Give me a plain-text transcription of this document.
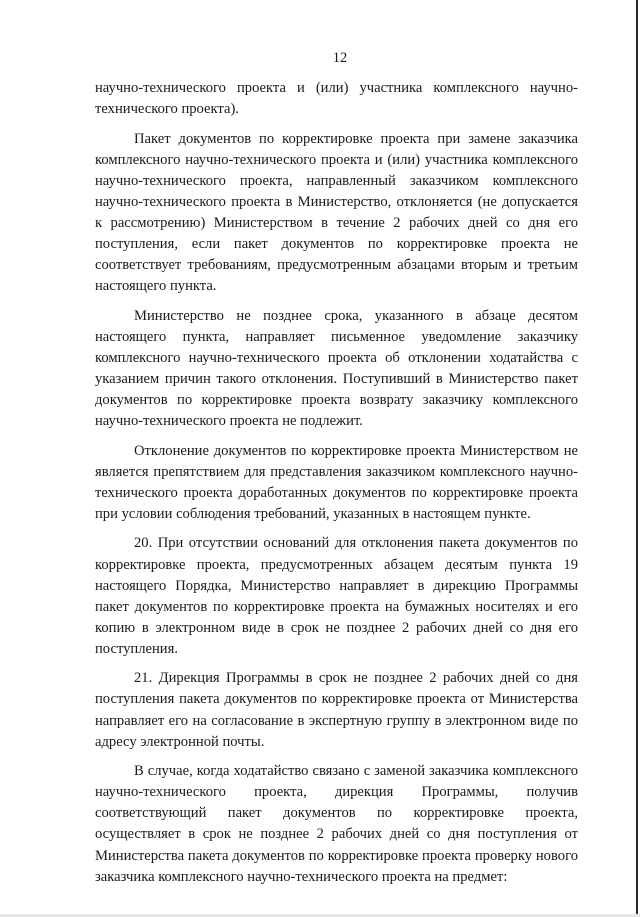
12

научно-технического проекта и (или) участника комплексного научно-технического проекта).

Пакет документов по корректировке проекта при замене заказчика комплексного научно-технического проекта и (или) участника комплексного научно-технического проекта, направленный заказчиком комплексного научно-технического проекта в Министерство, отклоняется (не допускается к рассмотрению) Министерством в течение 2 рабочих дней со дня его поступления, если пакет документов по корректировке проекта не соответствует требованиям, предусмотренным абзацами вторым и третьим настоящего пункта.

Министерство не позднее срока, указанного в абзаце десятом настоящего пункта, направляет письменное уведомление заказчику комплексного научно-технического проекта об отклонении ходатайства с указанием причин такого отклонения. Поступивший в Министерство пакет документов по корректировке проекта возврату заказчику комплексного научно-технического проекта не подлежит.

Отклонение документов по корректировке проекта Министерством не является препятствием для представления заказчиком комплексного научно-технического проекта доработанных документов по корректировке проекта при условии соблюдения требований, указанных в настоящем пункте.

20. При отсутствии оснований для отклонения пакета документов по корректировке проекта, предусмотренных абзацем десятым пункта 19 настоящего Порядка, Министерство направляет в дирекцию Программы пакет документов по корректировке проекта на бумажных носителях и его копию в электронном виде в срок не позднее 2 рабочих дней со дня его поступления.

21. Дирекция Программы в срок не позднее 2 рабочих дней со дня поступления пакета документов по корректировке проекта от Министерства направляет его на согласование в экспертную группу в электронном виде по адресу электронной почты.

В случае, когда ходатайство связано с заменой заказчика комплексного научно-технического проекта, дирекция Программы, получив соответствующий пакет документов по корректировке проекта, осуществляет в срок не позднее 2 рабочих дней со дня поступления от Министерства пакета документов по корректировке проекта проверку нового заказчика комплексного научно-технического проекта на предмет:
